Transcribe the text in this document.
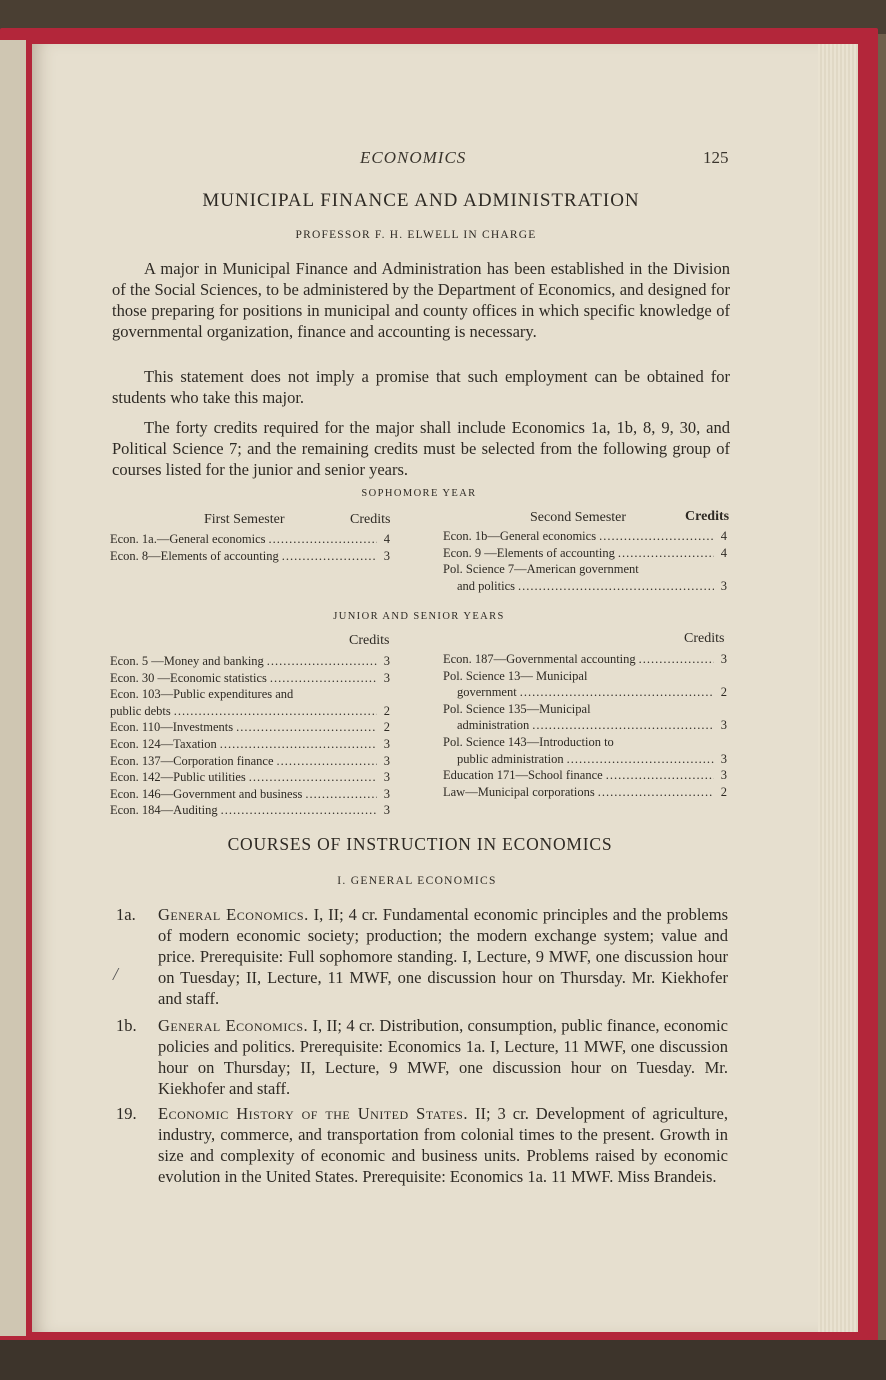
ECONOMICS	125
MUNICIPAL FINANCE AND ADMINISTRATION
PROFESSOR F. H. ELWELL IN CHARGE

A major in Municipal Finance and Administration has been established in the Division of the Social Sciences, to be administered by the Department of Economics, and designed for those preparing for positions in municipal and county offices in which specific knowledge of governmental organization, finance and accounting is necessary.

This statement does not imply a promise that such employment can be obtained for students who take this major.

The forty credits required for the major shall include Economics 1a, 1b, 8, 9, 30, and Political Science 7; and the remaining credits must be selected from the following group of courses listed for the junior and senior years.

SOPHOMORE YEAR
First Semester	Credits	Second Semester	Credits
Econ. 1a.—General economics .....	4
Econ. 8—Elements of accounting .....	3
Econ. 1b—General economics .....	4
Econ. 9 —Elements of accounting .....	4
Pol. Science 7—American government
and politics .....	3
JUNIOR AND SENIOR YEARS
Credits	Credits
Econ. 5 —Money and banking .....	3
Econ. 30 —Economic statistics .....	3
Econ. 103—Public expenditures and
public debts .....	2
Econ. 110—Investments .....	2
Econ. 124—Taxation .....	3
Econ. 137—Corporation finance .....	3
Econ. 142—Public utilities .....	3
Econ. 146—Government and business .....	3
Econ. 184—Auditing .....	3
Econ. 187—Governmental accounting .....	3
Pol. Science 13— Municipal
government .....	2
Pol. Science 135—Municipal
administration .....	3
Pol. Science 143—Introduction to
public administration .....	3
Education 171—School finance .....	3
Law—Municipal corporations .....	2
COURSES OF INSTRUCTION IN ECONOMICS
I. GENERAL ECONOMICS
/
1a. General Economics. I, II; 4 cr. Fundamental economic principles and the problems of modern economic society; production; the modern exchange system; value and price. Prerequisite: Full sophomore standing. I, Lecture, 9 MWF, one discussion hour on Tuesday; II, Lecture, 11 MWF, one discussion hour on Thursday. Mr. Kiekhofer and staff.
1b. General Economics. I, II; 4 cr. Distribution, consumption, public finance, economic policies and politics. Prerequisite: Economics 1a. I, Lecture, 11 MWF, one discussion hour on Thursday; II, Lecture, 9 MWF, one discussion hour on Tuesday. Mr. Kiekhofer and staff.
19. Economic History of the United States. II; 3 cr. Development of agriculture, industry, commerce, and transportation from colonial times to the present. Growth in size and complexity of economic and business units. Problems raised by economic evolution in the United States. Prerequisite: Economics 1a. 11 MWF. Miss Brandeis.
